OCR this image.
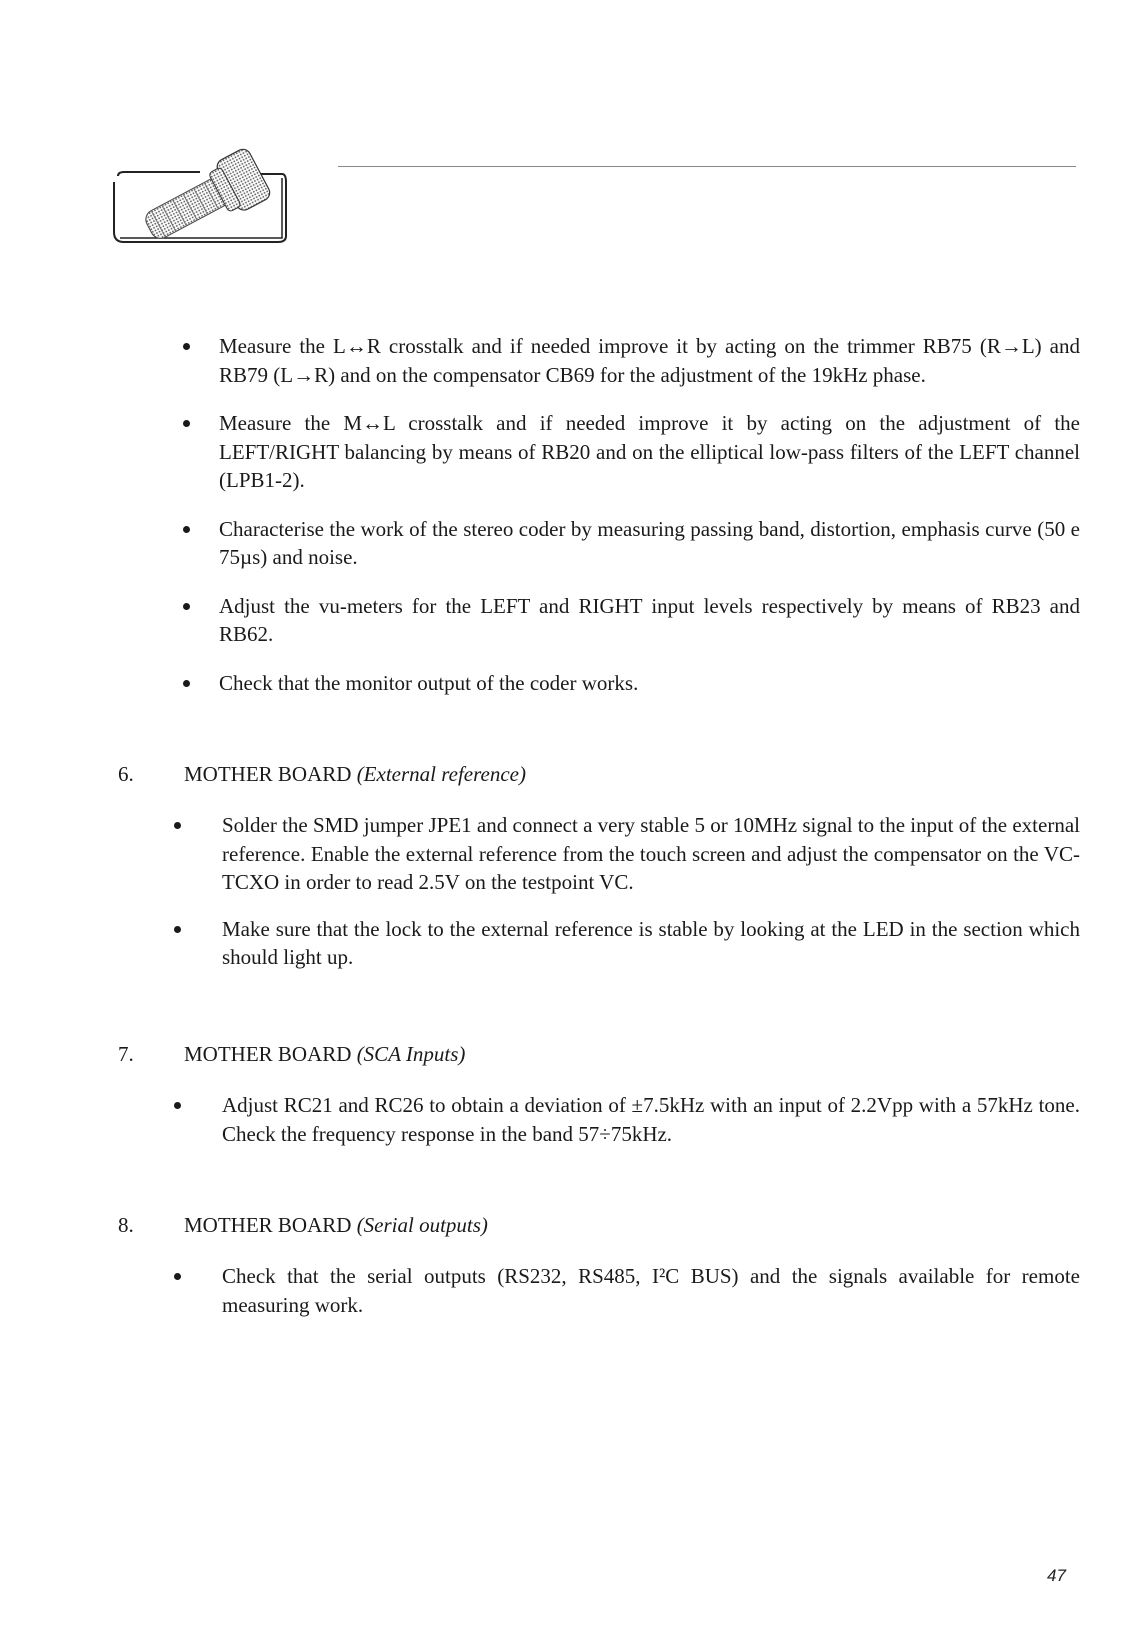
Measure the L↔R crosstalk and if needed improve it by acting on the trimmer RB75 (R→L) and RB79 (L→R) and on the compensator CB69 for the adjustment of the 19kHz phase.
Measure the M↔L crosstalk and if needed improve it by acting on the adjustment of the LEFT/RIGHT balancing by means of RB20 and on the elliptical low-pass filters of the LEFT channel (LPB1-2).
Characterise the work of the stereo coder by measuring passing band, distortion, emphasis curve (50 e 75µs) and noise.
Adjust the vu-meters for the LEFT and RIGHT input levels respectively by means of RB23 and RB62.
Check that the monitor output of the coder works.
6. MOTHER BOARD (External reference)
Solder the SMD jumper JPE1 and connect a very stable 5 or 10MHz signal to the input of the external reference. Enable the external reference from the touch screen and adjust the compensator on the VC-TCXO in order to read 2.5V on the testpoint VC.
Make sure that the lock to the external reference is stable by looking at the LED in the section which should light up.
7. MOTHER BOARD (SCA Inputs)
Adjust RC21 and RC26 to obtain a deviation of ±7.5kHz with an input of 2.2Vpp with a 57kHz tone. Check the frequency response in the band 57÷75kHz.
8. MOTHER BOARD (Serial outputs)
Check that the serial outputs (RS232, RS485, I²C BUS) and the signals available for remote measuring work.
47
